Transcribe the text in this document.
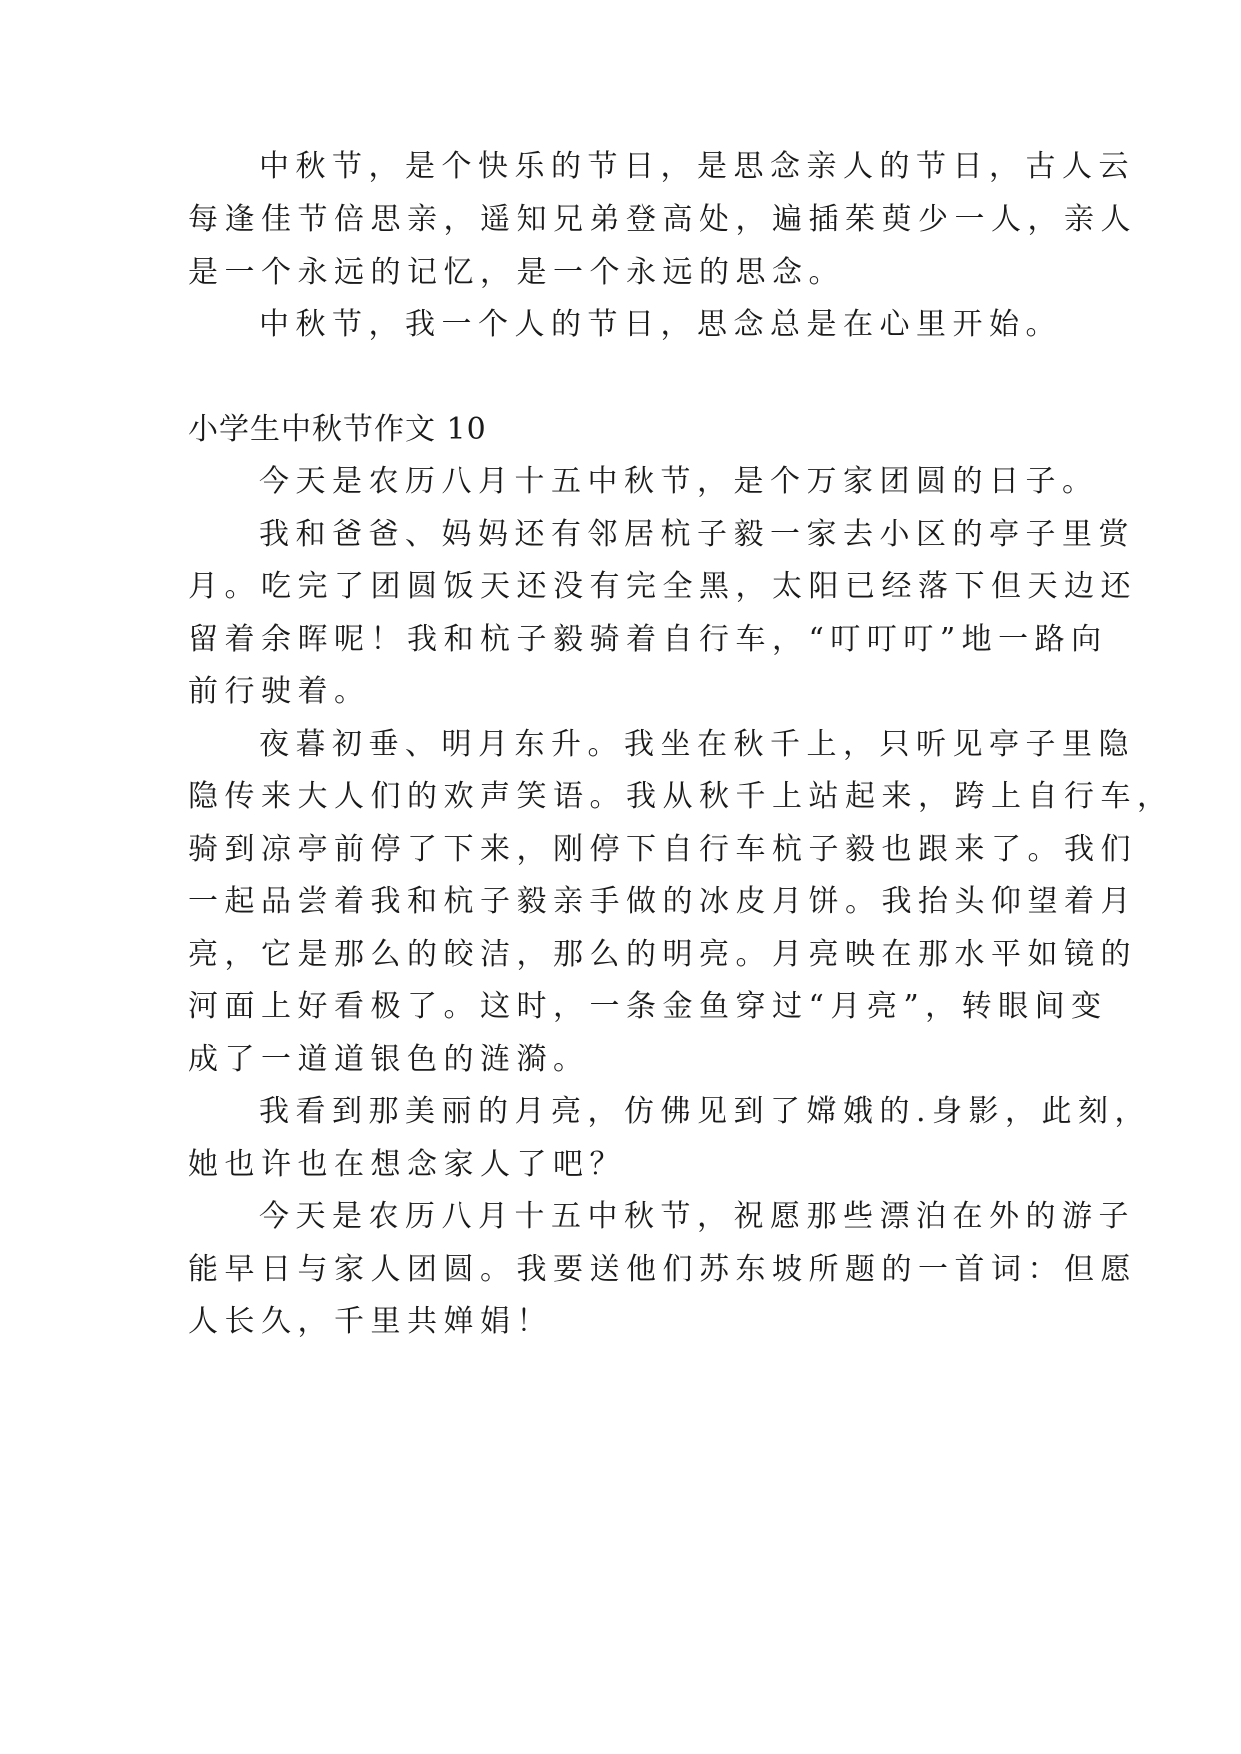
中秋节，是个快乐的节日，是思念亲人的节日，古人云
每逢佳节倍思亲，遥知兄弟登高处，遍插茱萸少一人，亲人
是一个永远的记忆，是一个永远的思念。
中秋节，我一个人的节日，思念总是在心里开始。
小学生中秋节作文 10
今天是农历八月十五中秋节，是个万家团圆的日子。
我和爸爸、妈妈还有邻居杭子毅一家去小区的亭子里赏
月。吃完了团圆饭天还没有完全黑，太阳已经落下但天边还
留着余晖呢！我和杭子毅骑着自行车，“叮叮叮”地一路向
前行驶着。
夜暮初垂、明月东升。我坐在秋千上，只听见亭子里隐
隐传来大人们的欢声笑语。我从秋千上站起来，跨上自行车，
骑到凉亭前停了下来，刚停下自行车杭子毅也跟来了。我们
一起品尝着我和杭子毅亲手做的冰皮月饼。我抬头仰望着月
亮，它是那么的皎洁，那么的明亮。月亮映在那水平如镜的
河面上好看极了。这时，一条金鱼穿过“月亮”，转眼间变
成了一道道银色的涟漪。
我看到那美丽的月亮，仿佛见到了嫦娥的.身影，此刻，
她也许也在想念家人了吧？
今天是农历八月十五中秋节，祝愿那些漂泊在外的游子
能早日与家人团圆。我要送他们苏东坡所题的一首词：但愿
人长久，千里共婵娟！
